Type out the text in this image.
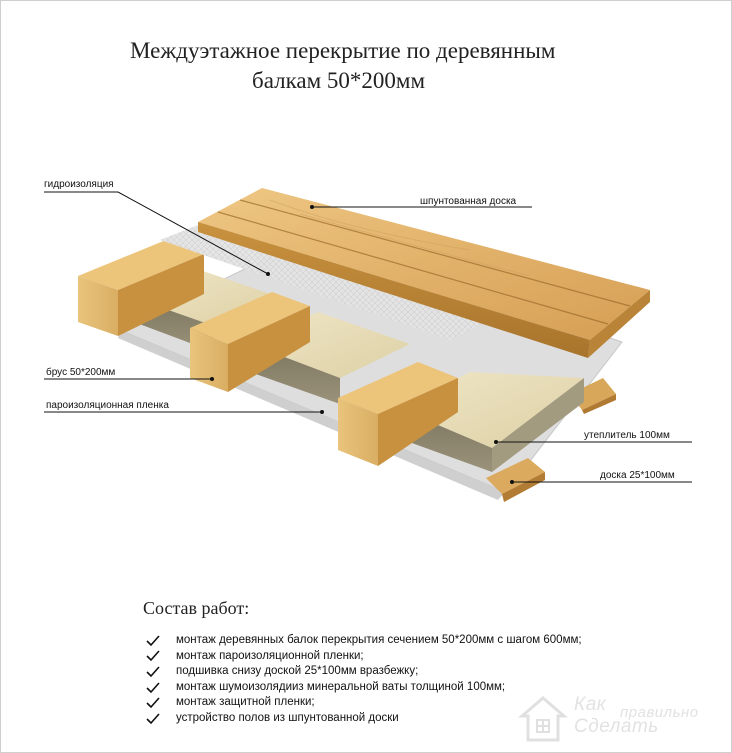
Междуэтажное перекрытие по деревянным
балкам 50*200мм
гидроизоляция
шпунтованная доска
брус 50*200мм
пароизоляционная пленка
утеплитель 100мм
доска 25*100мм
Состав работ:
монтаж деревянных балок перекрытия сечением 50*200мм с шагом 600мм;
монтаж пароизоляционной пленки;
подшивка снизу доской 25*100мм вразбежку;
монтаж шумоизолядииз минеральной ваты толщиной 100мм;
монтаж защитной пленки;
устройство полов из шпунтованной доски
Как правильно
Сделать
